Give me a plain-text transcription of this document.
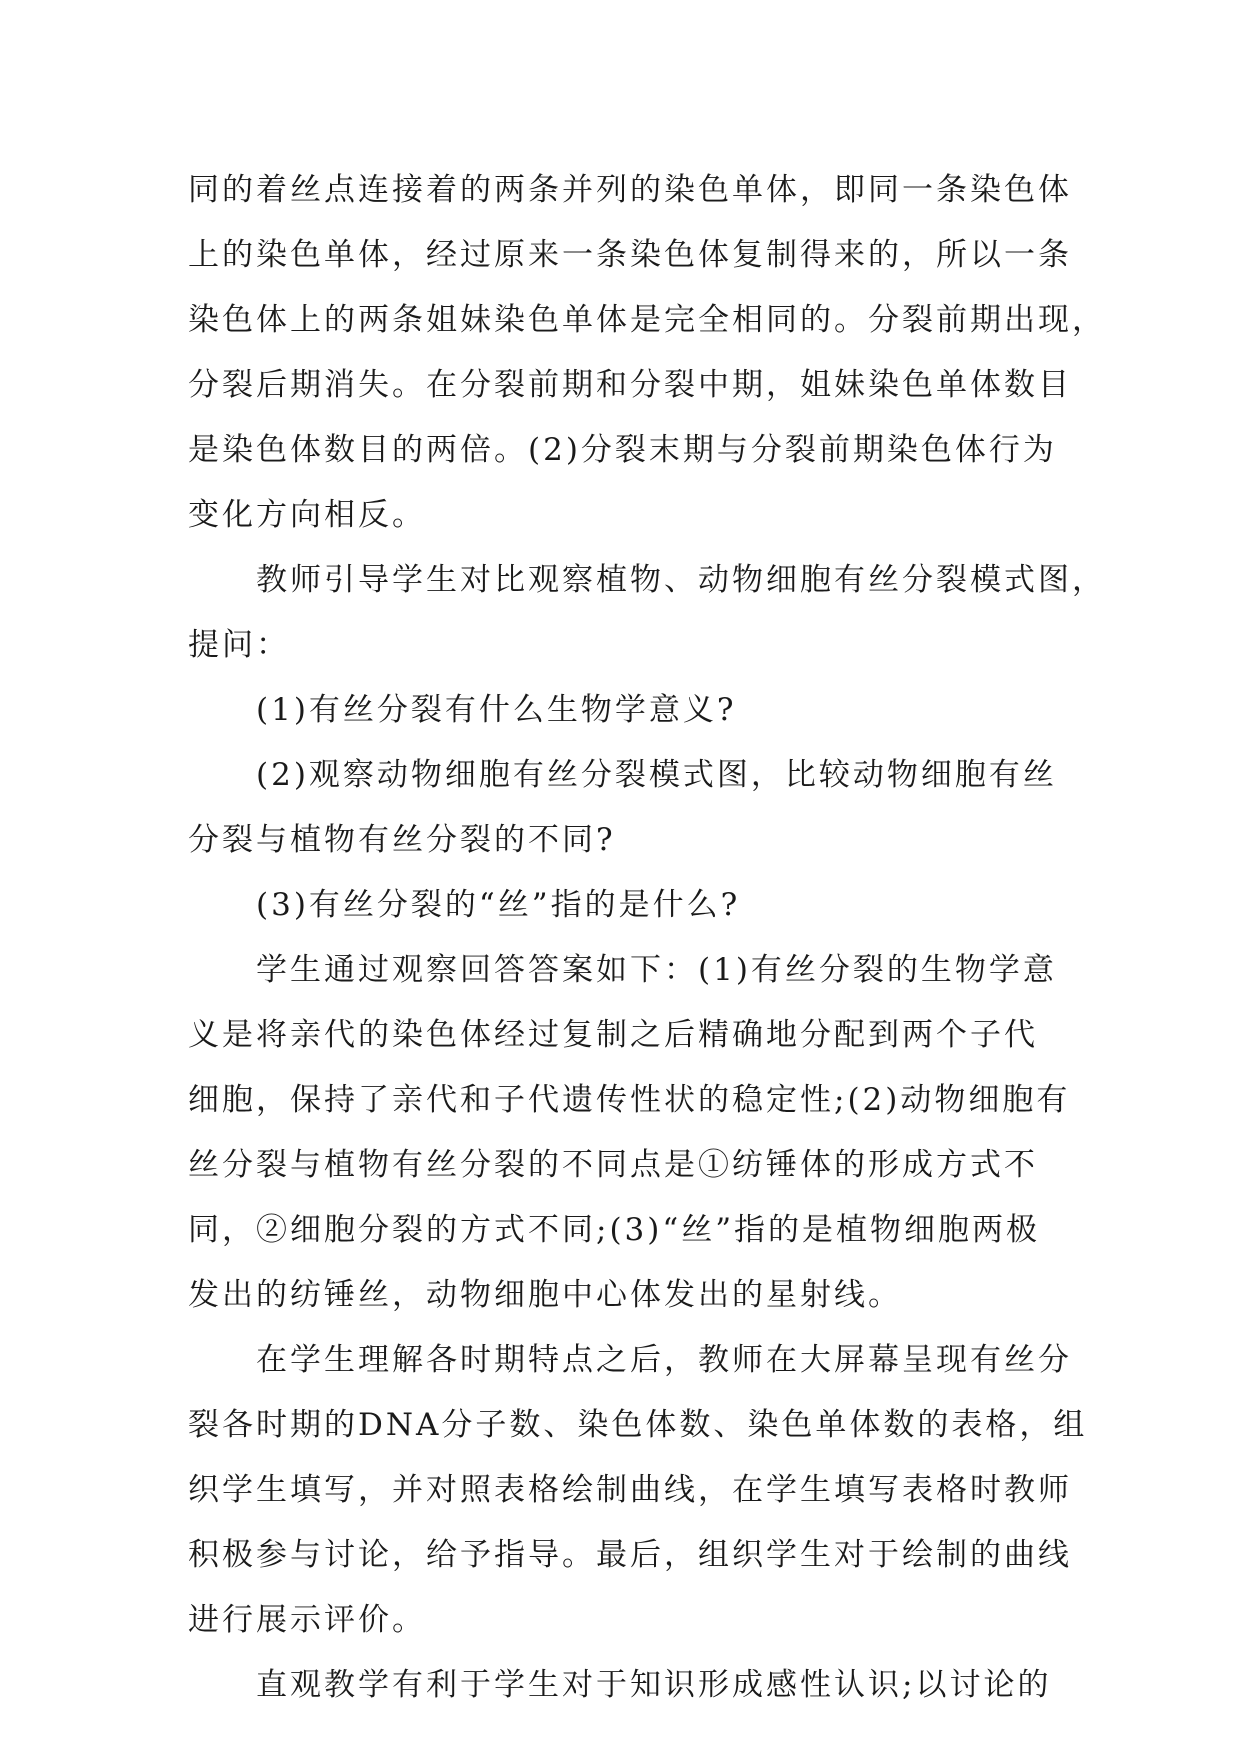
同的着丝点连接着的两条并列的染色单体，即同一条染色体
上的染色单体，经过原来一条染色体复制得来的，所以一条
染色体上的两条姐妹染色单体是完全相同的。分裂前期出现，
分裂后期消失。在分裂前期和分裂中期，姐妹染色单体数目
是染色体数目的两倍。(2)分裂末期与分裂前期染色体行为
变化方向相反。
教师引导学生对比观察植物、动物细胞有丝分裂模式图，
提问：
(1)有丝分裂有什么生物学意义?
(2)观察动物细胞有丝分裂模式图，比较动物细胞有丝
分裂与植物有丝分裂的不同?
(3)有丝分裂的“丝”指的是什么?
学生通过观察回答答案如下：(1)有丝分裂的生物学意
义是将亲代的染色体经过复制之后精确地分配到两个子代
细胞，保持了亲代和子代遗传性状的稳定性;(2)动物细胞有
丝分裂与植物有丝分裂的不同点是①纺锤体的形成方式不
同，②细胞分裂的方式不同;(3)“丝”指的是植物细胞两极
发出的纺锤丝，动物细胞中心体发出的星射线。
在学生理解各时期特点之后，教师在大屏幕呈现有丝分
裂各时期的DNA分子数、染色体数、染色单体数的表格，组
织学生填写，并对照表格绘制曲线，在学生填写表格时教师
积极参与讨论，给予指导。最后，组织学生对于绘制的曲线
进行展示评价。
直观教学有利于学生对于知识形成感性认识;以讨论的
